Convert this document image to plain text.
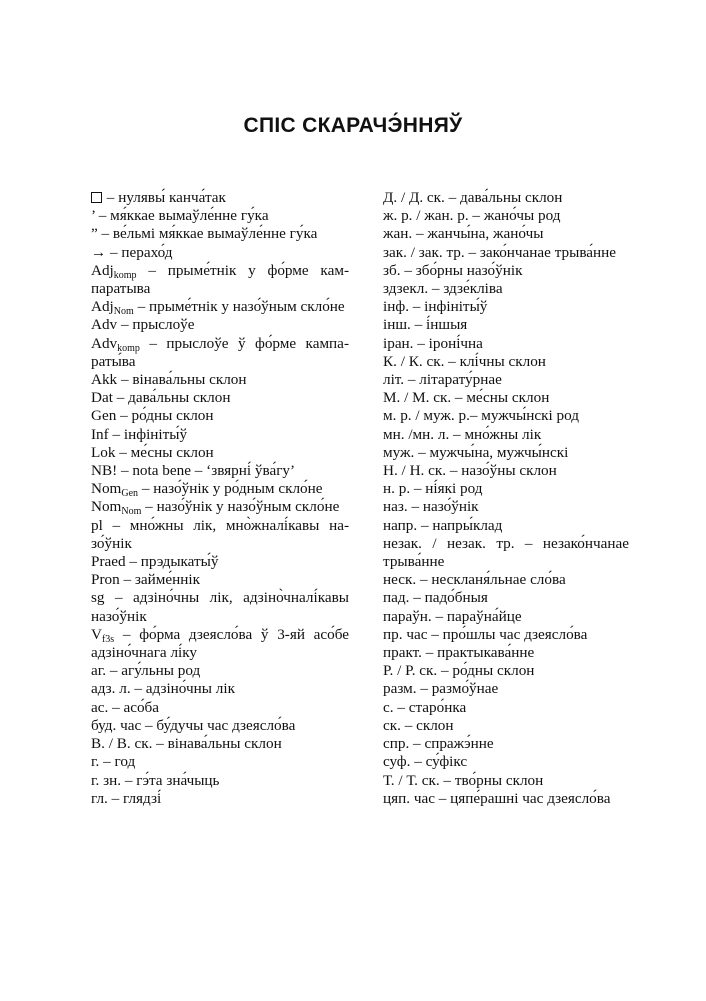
СПІС СКАРАЧЭ́ННЯЎ

– нулявы́ канча́так

’ – мя́ккае вымаўле́нне гу́ка

” – ве́льмі мя́ккае вымаўле́нне гу́ка

→ – перахо́д

Adj$_{komp}$ – прыме́тнік у фо́рме кампаратыва

Adj$_{Nom}$ – прыме́тнік у назо́ўным скло́не

Adv – прыслоўе

Adv$_{komp}$ – прыслоўе ў фо́рме кампараты́ва

Akk – вінава́льны склон

Dat – дава́льны склон

Gen – ро́дны склон

Inf – інфініты́ў

Lok – ме́сны склон

NB! – nota bene – ‘звярні́ ўва́гу’

Nom$_{Gen}$ – назо́ўнік у ро́дным скло́не

Nom$_{Nom}$ – назо́ўнік у назо́ўным скло́не

pl – мно́жны лік, мно̀жналі́кавы назо́ўнік

Praed – прэдыкаты́ў

Pron – займе́ннік

sg – адзіно́чны лік, адзіно̀чналі́кавы назо́ўнік

$V_{f3s}$ – фо́рма дзеясло́ва ў 3-яй асо́бе адзіно́чнага лі́ку

аг. – агу́льны род

адз. л. – адзіно́чны лік

ас. – асо́ба

буд. час – бу́дучы час дзеясло́ва

В. / В. ск. – вінава́льны склон

г. – год

г. зн. – гэ́та зна́чыць

гл. – глядзі́

Д. / Д. ск. – дава́льны склон

ж. р. / жан. р. – жано́чы род

жан. – жанчы́на, жано́чы

зак. / зак. тр. – зако́нчанае трыва́нне

зб. – збо́рны назо́ўнік

здзекл. – здзе́кліва

інф. – інфініты́ў

інш. – і́ншыя

іран. – іроні́чна

К. / К. ск. – клі́чны склон

літ. – літарату́рнае

М. / М. ск. – ме́сны склон

м. р. / муж. р.– мужчы́нскі род

мн. /мн. л. – мно́жны лік

муж. – мужчы́на, мужчы́нскі

Н. / Н. ск. – назо́ўны склон

н. р. – ні́які род

наз. – назо́ўнік

напр. – напры́клад

незак. / незак. тр. – незако́нчанае трыва́нне

неск. – нескланя́льнае сло́ва

пад. – падо́бныя

параўн. – параўна́йце

пр. час – про́шлы час дзеясло́ва

практ. – практыкава́нне

Р. / Р. ск. – ро́дны склон

разм. – размо́ўнае

с. – старо́нка

ск. – склон

спр. – спражэ́нне

суф. – су́фікс

Т. / Т. ск. – тво́рны склон

цяп. час – цяпе́рашні час дзеясло́ва
